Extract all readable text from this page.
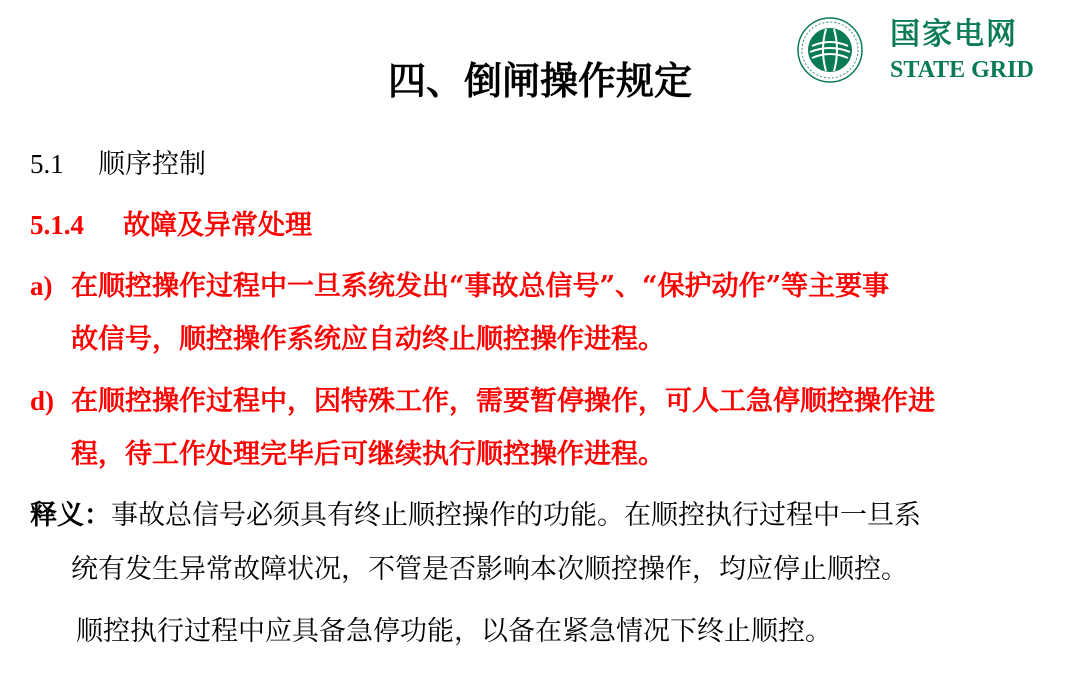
国家电网
STATE GRID
四、倒闸操作规定
5.1 顺序控制
5.1.4 故障及异常处理
a) 在顺控操作过程中一旦系统发出“事故总信号”、“保护动作”等主要事
故信号，顺控操作系统应自动终止顺控操作进程。
d) 在顺控操作过程中，因特殊工作，需要暂停操作，可人工急停顺控操作进
程，待工作处理完毕后可继续执行顺控操作进程。
释义：事故总信号必须具有终止顺控操作的功能。在顺控执行过程中一旦系
统有发生异常故障状况，不管是否影响本次顺控操作，均应停止顺控。
顺控执行过程中应具备急停功能，以备在紧急情况下终止顺控。
